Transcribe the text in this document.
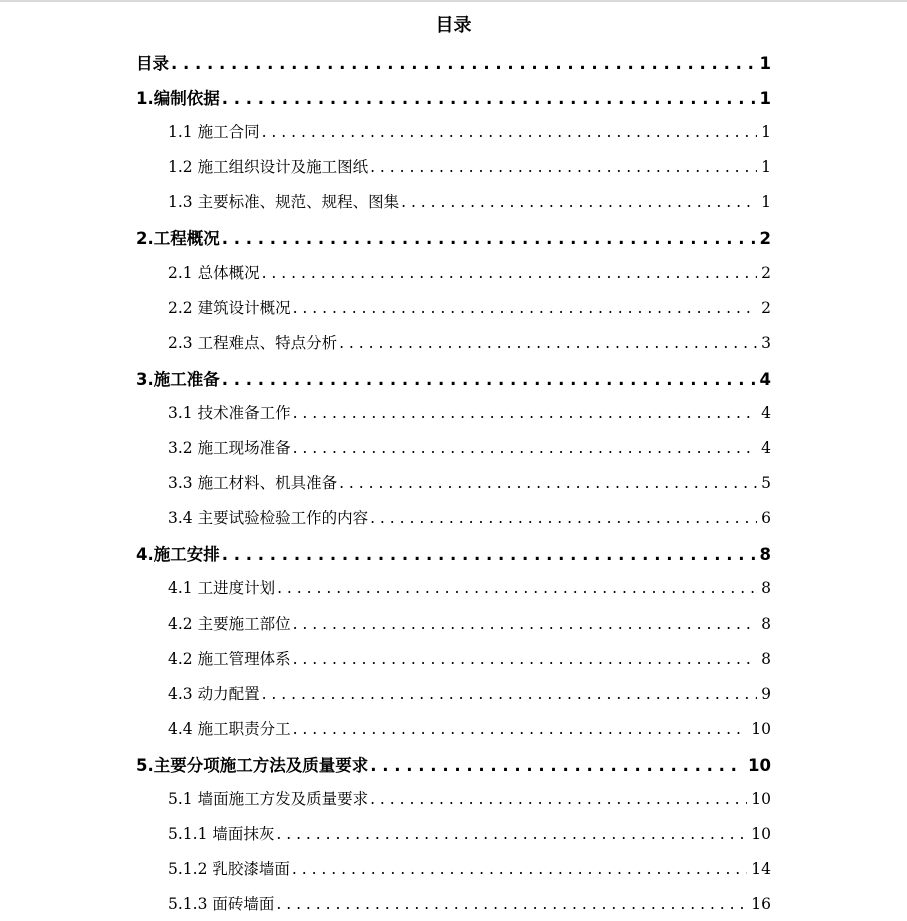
目录
目录 . . .	1
1.编制依据 . . .	1
1.1 施工合同 . . .	1
1.2 施工组织设计及施工图纸 . . .	1
1.3 主要标准、规范、规程、图集 . . .	1
2.工程概况 . . .	2
2.1 总体概况 . . .	2
2.2 建筑设计概况 . . .	2
2.3 工程难点、特点分析 . . .	3
3.施工准备 . . .	4
3.1 技术准备工作 . . .	4
3.2 施工现场准备 . . .	4
3.3 施工材料、机具准备 . . .	5
3.4 主要试验检验工作的内容 . . .	6
4.施工安排 . . .	8
4.1 工进度计划 . . .	8
4.2 主要施工部位 . . .	8
4.2 施工管理体系 . . .	8
4.3 动力配置 . . .	9
4.4 施工职责分工 . . .	10
5.主要分项施工方法及质量要求 . . .	10
5.1 墙面施工方发及质量要求 . . .	10
5.1.1 墙面抹灰 . . .	10
5.1.2 乳胶漆墙面 . . .	14
5.1.3 面砖墙面 . . .	16
